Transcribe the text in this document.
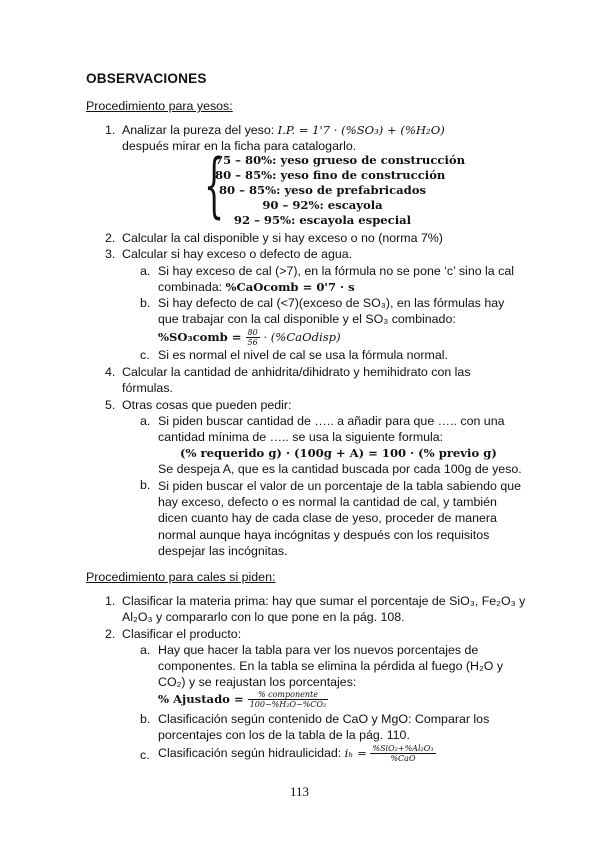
OBSERVACIONES
Procedimiento para yesos:
1. Analizar la pureza del yeso: I.P. = 1'7 · (%SO₃) + (%H₂O)
después mirar en la ficha para catalogarlo.
{
75 – 80%: yeso grueso de construcción
80 – 85%: yeso fino de construcción
80 – 85%: yeso de prefabricados
90 – 92%: escayola
92 – 95%: escayola especial
2. Calcular la cal disponible y si hay exceso o no (norma 7%)
3. Calcular si hay exceso o defecto de agua.
a. Si hay exceso de cal (>7), en la fórmula no se pone ‘c’ sino la cal
combinada: %CaOcomb = 0'7 · s
b. Si hay defecto de cal (<7)(exceso de SO₃), en las fórmulas hay
que trabajar con la cal disponible y el SO₃ combinado:
%SO₃comb = $\frac{80}{56}$ · (%CaOdisp)
c. Si es normal el nivel de cal se usa la fórmula normal.
4. Calcular la cantidad de anhidrita/dihidrato y hemihidrato con las
fórmulas.
5. Otras cosas que pueden pedir:
a. Si piden buscar cantidad de ….. a añadir para que ….. con una
cantidad mínima de ….. se usa la siguiente formula:
(% requerido g) · (100g + A) = 100 · (% previo g)
Se despeja A, que es la cantidad buscada por cada 100g de yeso.
b. Si piden buscar el valor de un porcentaje de la tabla sabiendo que
hay exceso, defecto o es normal la cantidad de cal, y también
dicen cuanto hay de cada clase de yeso, proceder de manera
normal aunque haya incógnitas y después con los requisitos
despejar las incógnitas.
Procedimiento para cales si piden:
1. Clasificar la materia prima: hay que sumar el porcentaje de SiO₃, Fe₂O₃ y
Al₂O₃ y compararlo con lo que pone en la pág. 108.
2. Clasificar el producto:
a. Hay que hacer la tabla para ver los nuevos porcentajes de
componentes. En la tabla se elimina la pérdida al fuego (H₂O y
CO₂) y se reajustan los porcentajes:
% Ajustado = $\frac{\text{\% componente}}{\text{100−\%H₂O−\%CO₂}}$
b. Clasificación según contenido de CaO y MgO: Comparar los
porcentajes con los de la tabla de la pág. 110.
c. Clasificación según hidraulicidad: $i_h = \frac{\text{\%SiO₂+\%Al₂O₃}}{\text{\%CaO}}$
113
